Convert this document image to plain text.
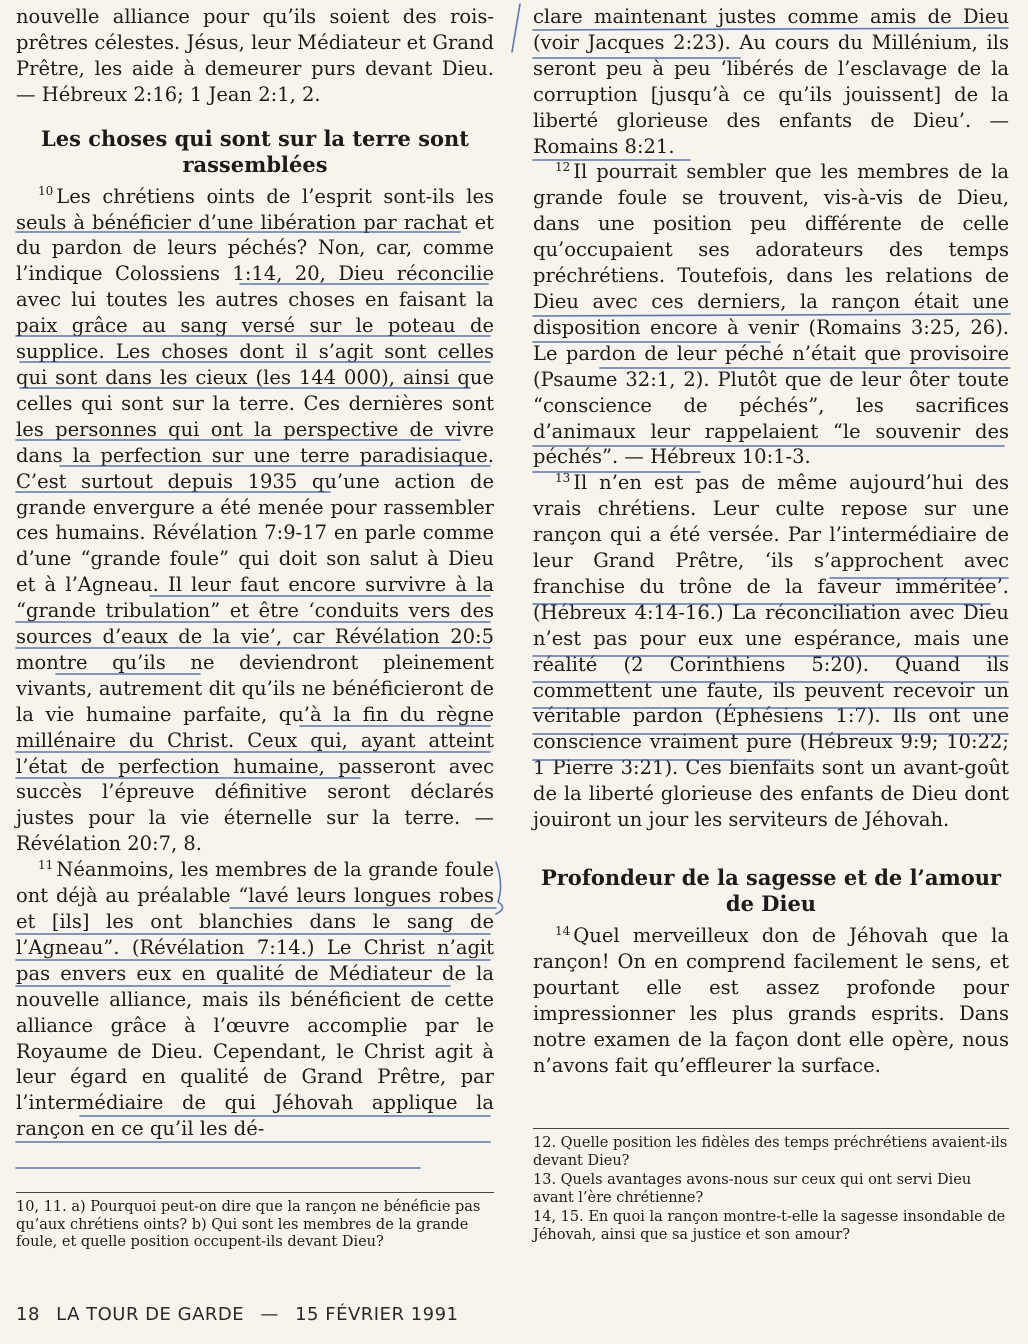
nouvelle alliance pour qu’ils soient des rois-prêtres célestes. Jésus, leur Médiateur et Grand Prêtre, les aide à demeurer purs devant Dieu. — Hébreux 2:16; 1 Jean 2:1, 2.

Les choses qui sont sur la terre sont rassemblées

$^{10}$ Les chrétiens oints de l’esprit sont-ils les seuls à bénéficier d’une libération par rachat et du pardon de leurs péchés? Non, car, comme l’indique Colossiens 1:14, 20, Dieu réconcilie avec lui toutes les autres choses en faisant la paix grâce au sang versé sur le poteau de supplice. Les choses dont il s’agit sont celles qui sont dans les cieux (les 144 000), ainsi que celles qui sont sur la terre. Ces dernières sont les personnes qui ont la perspective de vivre dans la perfection sur une terre paradisiaque. C’est surtout depuis 1935 qu’une action de grande envergure a été menée pour rassembler ces humains. Révélation 7:9-17 en parle comme d’une “grande foule” qui doit son salut à Dieu et à l’Agneau. Il leur faut encore survivre à la “grande tribulation” et être ‘conduits vers des sources d’eaux de la vie’, car Révélation 20:5 montre qu’ils ne deviendront pleinement vivants, autrement dit qu’ils ne bénéficieront de la vie humaine parfaite, qu’à la fin du règne millénaire du Christ. Ceux qui, ayant atteint l’état de perfection humaine, passeront avec succès l’épreuve définitive seront déclarés justes pour la vie éternelle sur la terre. — Révélation 20:7, 8.

$^{11}$ Néanmoins, les membres de la grande foule ont déjà au préalable “lavé leurs longues robes et [ils] les ont blanchies dans le sang de l’Agneau”. (Révélation 7:14.) Le Christ n’agit pas envers eux en qualité de Médiateur de la nouvelle alliance, mais ils bénéficient de cette alliance grâce à l’œuvre accomplie par le Royaume de Dieu. Cependant, le Christ agit à leur égard en qualité de Grand Prêtre, par l’intermédiaire de qui Jéhovah applique la rançon en ce qu’il les dé-

10, 11. a) Pourquoi peut-on dire que la rançon ne bénéficie pas qu’aux chrétiens oints? b) Qui sont les membres de la grande foule, et quelle position occupent-ils devant Dieu?

clare maintenant justes comme amis de Dieu (voir Jacques 2:23). Au cours du Millénium, ils seront peu à peu ‘libérés de l’esclavage de la corruption [jusqu’à ce qu’ils jouissent] de la liberté glorieuse des enfants de Dieu’. — Romains 8:21.

$^{12}$ Il pourrait sembler que les membres de la grande foule se trouvent, vis-à-vis de Dieu, dans une position peu différente de celle qu’occupaient ses adorateurs des temps préchrétiens. Toutefois, dans les relations de Dieu avec ces derniers, la rançon était une disposition encore à venir (Romains 3:25, 26). Le pardon de leur péché n’était que provisoire (Psaume 32:1, 2). Plutôt que de leur ôter toute “conscience de péchés”, les sacrifices d’animaux leur rappelaient “le souvenir des péchés”. — Hébreux 10:1-3.

$^{13}$ Il n’en est pas de même aujourd’hui des vrais chrétiens. Leur culte repose sur une rançon qui a été versée. Par l’intermédiaire de leur Grand Prêtre, ‘ils s’approchent avec franchise du trône de la faveur imméritée’. (Hébreux 4:14-16.) La réconciliation avec Dieu n’est pas pour eux une espérance, mais une réalité (2 Corinthiens 5:20). Quand ils commettent une faute, ils peuvent recevoir un véritable pardon (Éphésiens 1:7). Ils ont une conscience vraiment pure (Hébreux 9:9; 10:22; 1 Pierre 3:21). Ces bienfaits sont un avant-goût de la liberté glorieuse des enfants de Dieu dont jouiront un jour les serviteurs de Jéhovah.

Profondeur de la sagesse et de l’amour de Dieu

$^{14}$ Quel merveilleux don de Jéhovah que la rançon! On en comprend facilement le sens, et pourtant elle est assez profonde pour impressionner les plus grands esprits. Dans notre examen de la façon dont elle opère, nous n’avons fait qu’effleurer la surface.

12. Quelle position les fidèles des temps préchrétiens avaient-ils devant Dieu?

13. Quels avantages avons-nous sur ceux qui ont servi Dieu avant l’ère chrétienne?

14, 15. En quoi la rançon montre-t-elle la sagesse insondable de Jéhovah, ainsi que sa justice et son amour?

18 LA TOUR DE GARDE — 15 FÉVRIER 1991
